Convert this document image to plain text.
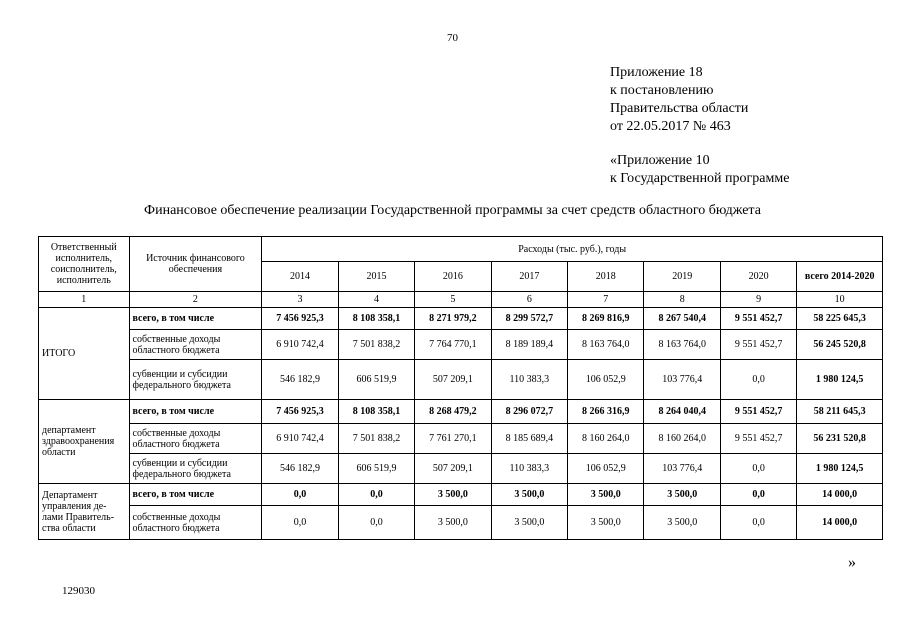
70
Приложение 18
к постановлению
Правительства области
от 22.05.2017 № 463
«Приложение 10
к Государственной программе
Финансовое обеспечение реализации Государственной программы за счет средств областного бюджета
Ответственный исполнитель, соисполнитель, исполнитель	Источник финансового обеспечения	Расходы (тыс. руб.), годы							
		2014	2015	2016	2017	2018	2019	2020	всего 2014-2020
1	2	3	4	5	6	7	8	9	10
ИТОГО	всего, в том числе	7 456 925,3	8 108 358,1	8 271 979,2	8 299 572,7	8 269 816,9	8 267 540,4	9 551 452,7	58 225 645,3
	собственные доходы областного бюджета	6 910 742,4	7 501 838,2	7 764 770,1	8 189 189,4	8 163 764,0	8 163 764,0	9 551 452,7	56 245 520,8
	субвенции и субсидии федерального бюджета	546 182,9	606 519,9	507 209,1	110 383,3	106 052,9	103 776,4	0,0	1 980 124,5
департамент здравоохранения области	всего, в том числе	7 456 925,3	8 108 358,1	8 268 479,2	8 296 072,7	8 266 316,9	8 264 040,4	9 551 452,7	58 211 645,3
	собственные доходы областного бюджета	6 910 742,4	7 501 838,2	7 761 270,1	8 185 689,4	8 160 264,0	8 160 264,0	9 551 452,7	56 231 520,8
	субвенции и субсидии федерального бюджета	546 182,9	606 519,9	507 209,1	110 383,3	106 052,9	103 776,4	0,0	1 980 124,5
Департамент управления де-лами Правитель-ства области	всего, в том числе	0,0	0,0	3 500,0	3 500,0	3 500,0	3 500,0	0,0	14 000,0
	собственные доходы областного бюджета	0,0	0,0	3 500,0	3 500,0	3 500,0	3 500,0	0,0	14 000,0
»
129030
